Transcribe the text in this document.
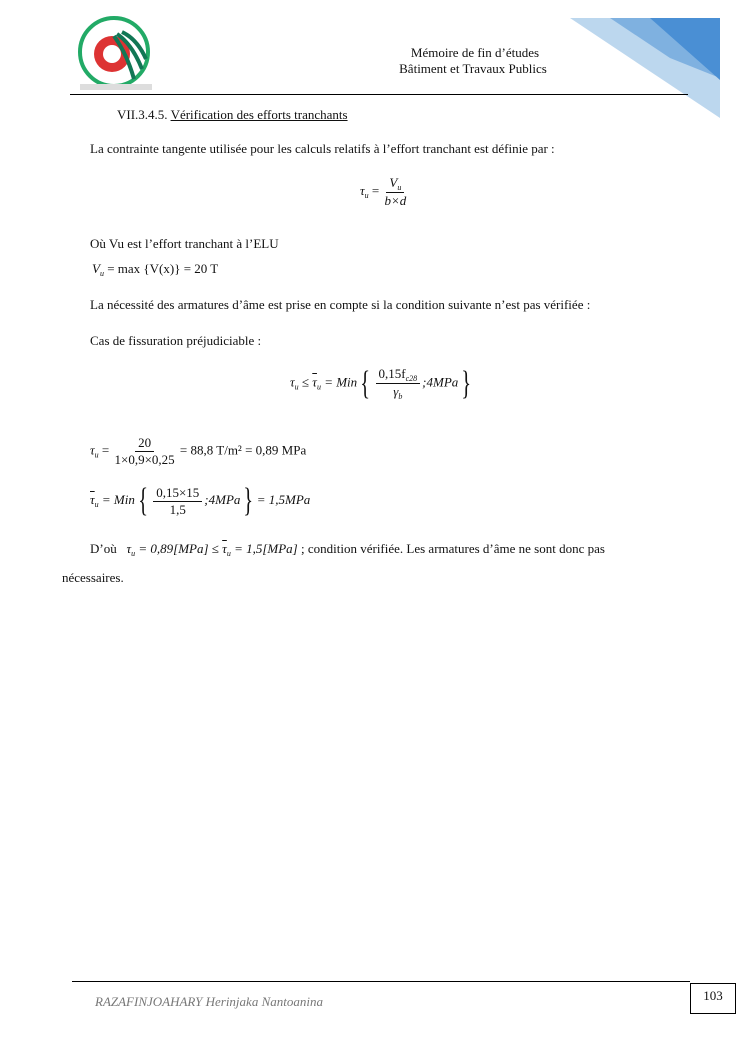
Mémoire de fin d’études
Bâtiment et Travaux Publics
VII.3.4.5. Vérification des efforts tranchants
La contrainte tangente utilisée pour les calculs relatifs à l’effort tranchant est définie par :
$\tau_u = \frac{V_u}{b\times d}$
Où Vu est l’effort tranchant à l’ELU
$V_u = \max \{V(x)\} = 20$ T
La nécessité des armatures d’âme est prise en compte si la condition suivante n’est pas vérifiée :
Cas de fissuration préjudiciable :
$\tau_u \le \overline{\tau}_u = Min\{ \frac{0,15f_{c28}}{\gamma_b}$ ;4MPa}
$\tau_u = \frac{20}{1\times 0,9\times 0,25} = 88,8$ T/m² = 0,89 MPa
$\overline{\tau}_u = Min\{ \frac{0,15\times 15}{1,5}$ ;4MPa} = 1,5MPa
D’où $\tau_u = 0,89[MPa] \le \overline{\tau}_u = 1,5[MPa]$ ; condition vérifiée. Les armatures d’âme ne sont donc pas
nécessaires.
RAZAFINJOAHARY Herinjaka Nantoanina	103
